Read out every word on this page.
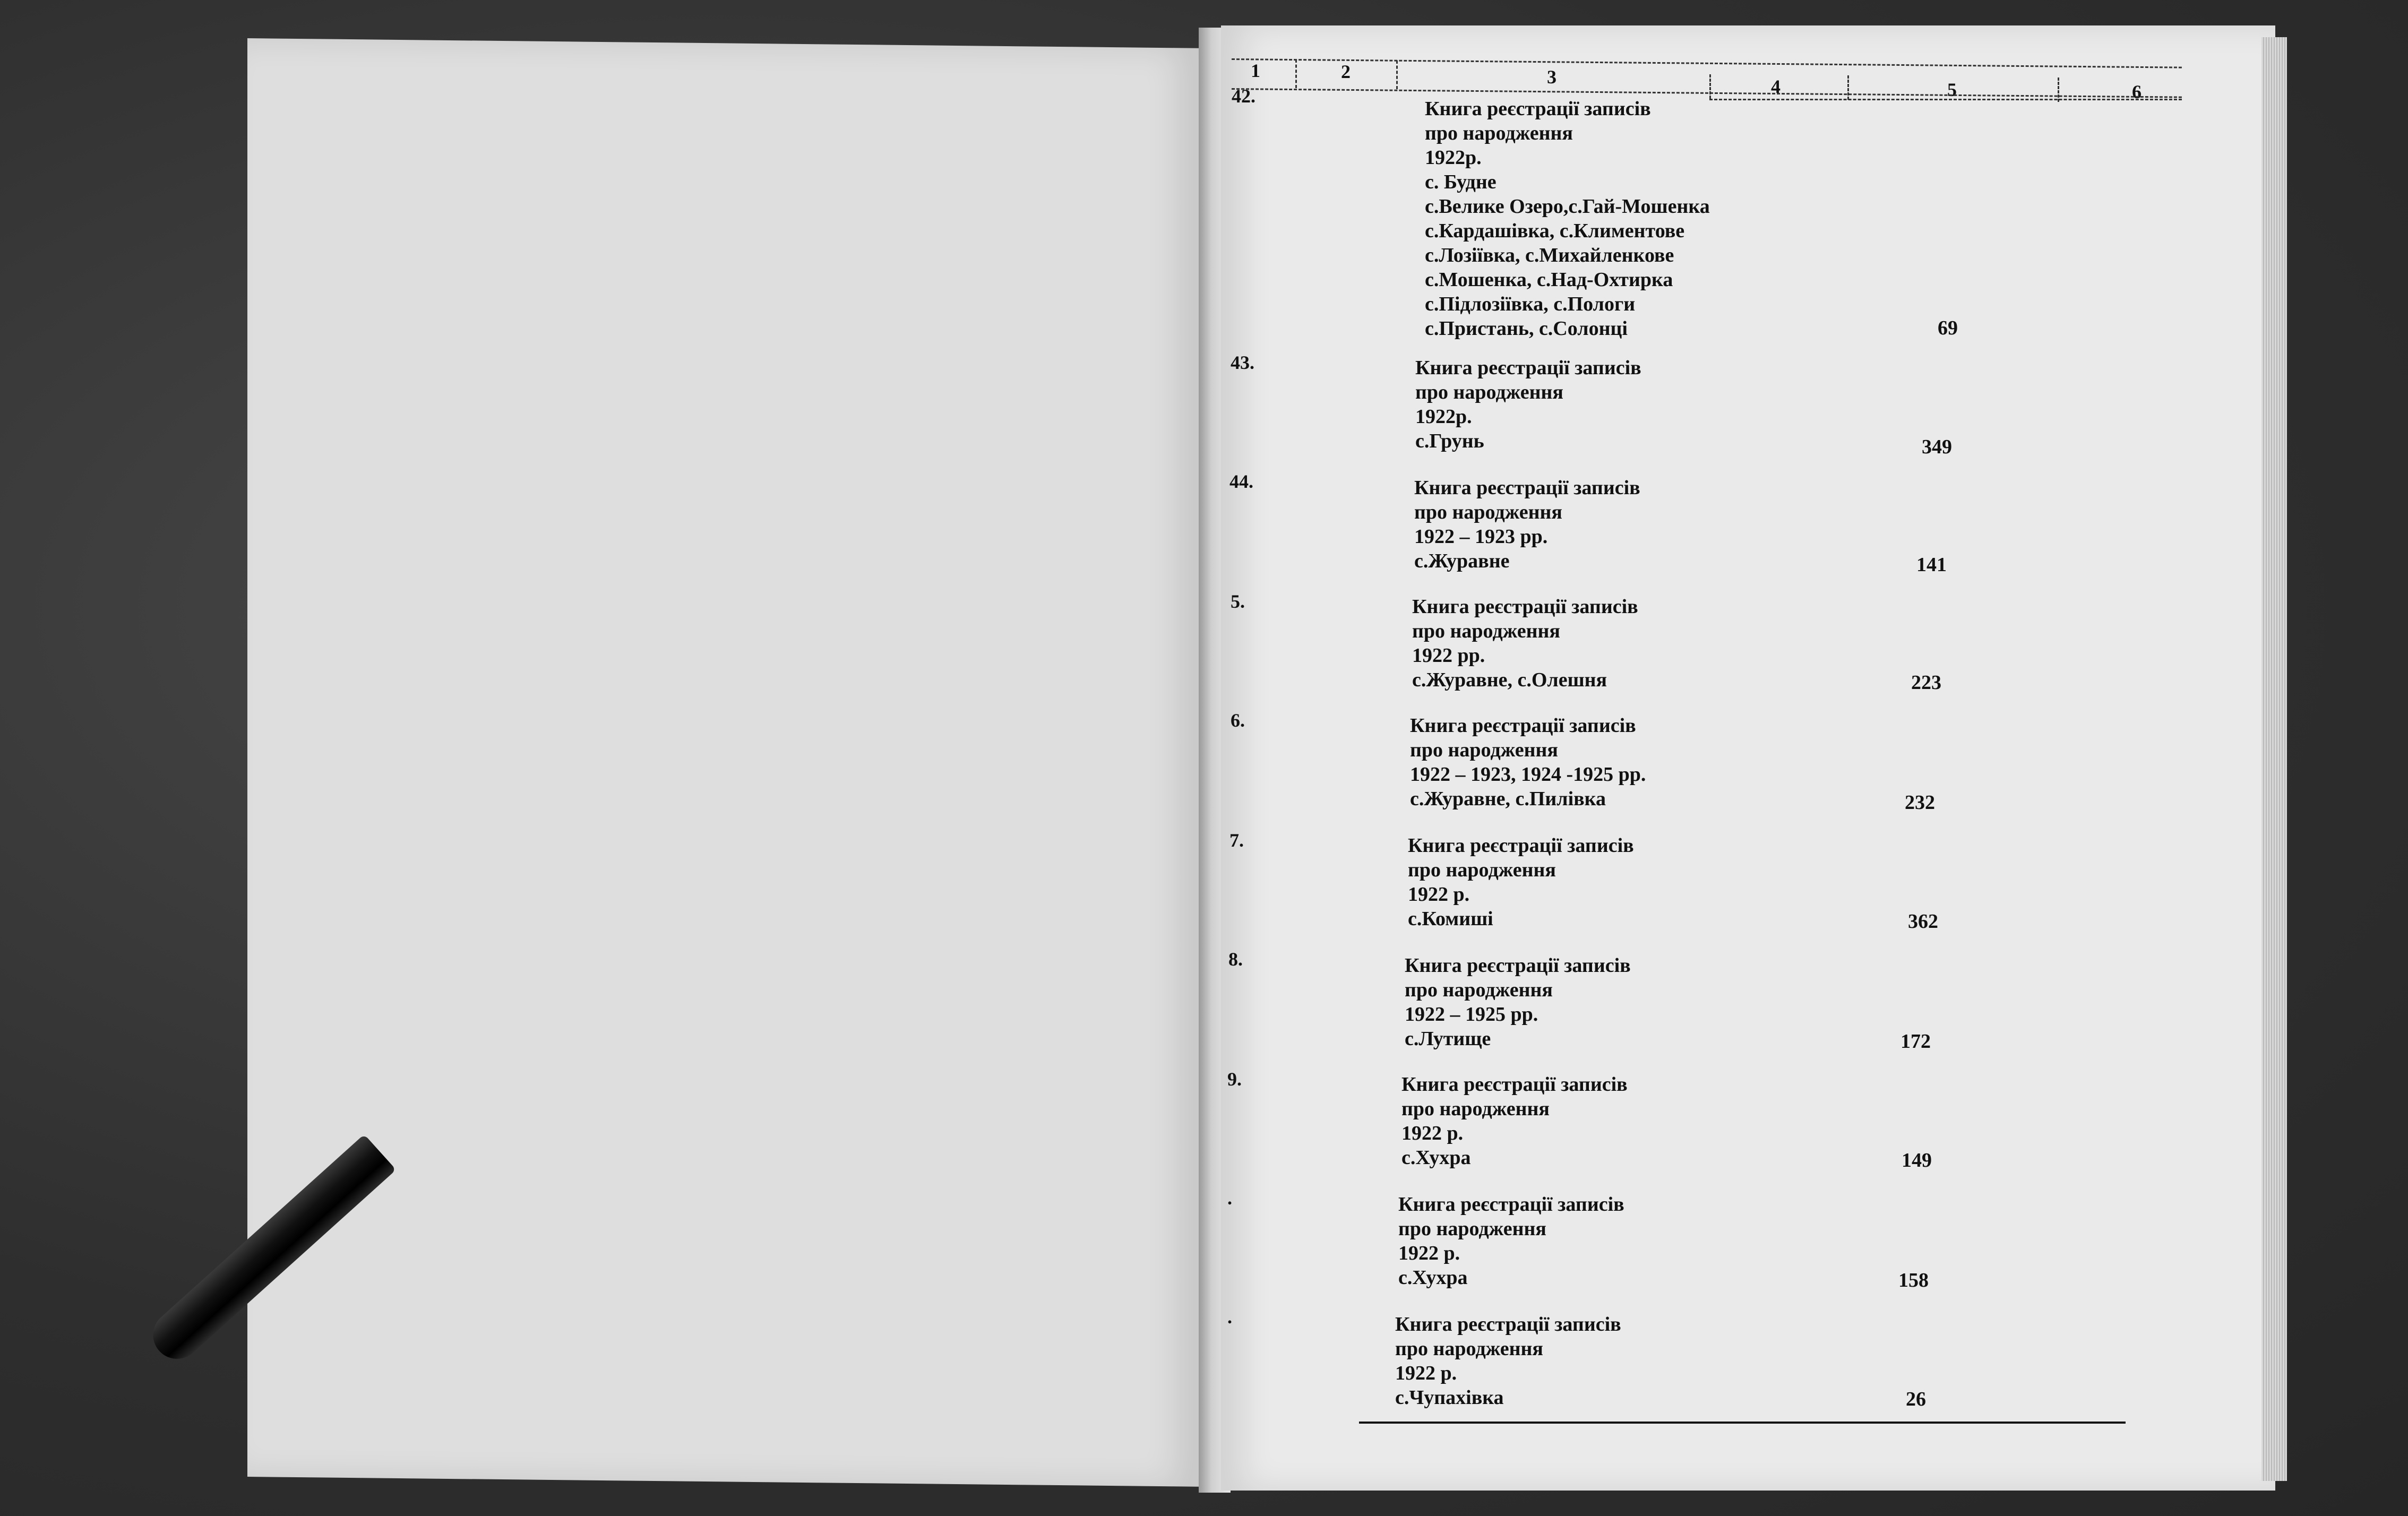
1	2	3	4	5	6
42.
Книга реєстрації записів
про народження
1922р.
с. Будне
с.Велике Озеро,с.Гай-Мошенка
с.Кардашівка, с.Климентове
с.Лозіївка, с.Михайленкове
с.Мошенка, с.Над-Охтирка
с.Підлозіївка, с.Пологи
с.Пристань, с.Солонці	69
43.	Книга реєстрації записів
про народження
1922р.
с.Грунь	349
44.	Книга реєстрації записів
про народження
1922 – 1923 рр.
с.Журавне	141
5.	Книга реєстрації записів
про народження
1922 рр.
с.Журавне, с.Олешня	223
6.	Книга реєстрації записів
про народження
1922 – 1923, 1924 -1925 рр.
с.Журавне, с.Пилівка	232
7.	Книга реєстрації записів
про народження
1922 р.
с.Комиші	362
8.	Книга реєстрації записів
про народження
1922 – 1925 рр.
с.Лутище	172
9.	Книга реєстрації записів
про народження
1922 р.
с.Хухра	149
.	Книга реєстрації записів
про народження
1922 р.
с.Хухра	158
.	Книга реєстрації записів
про народження
1922 р.
с.Чупахівка	26
